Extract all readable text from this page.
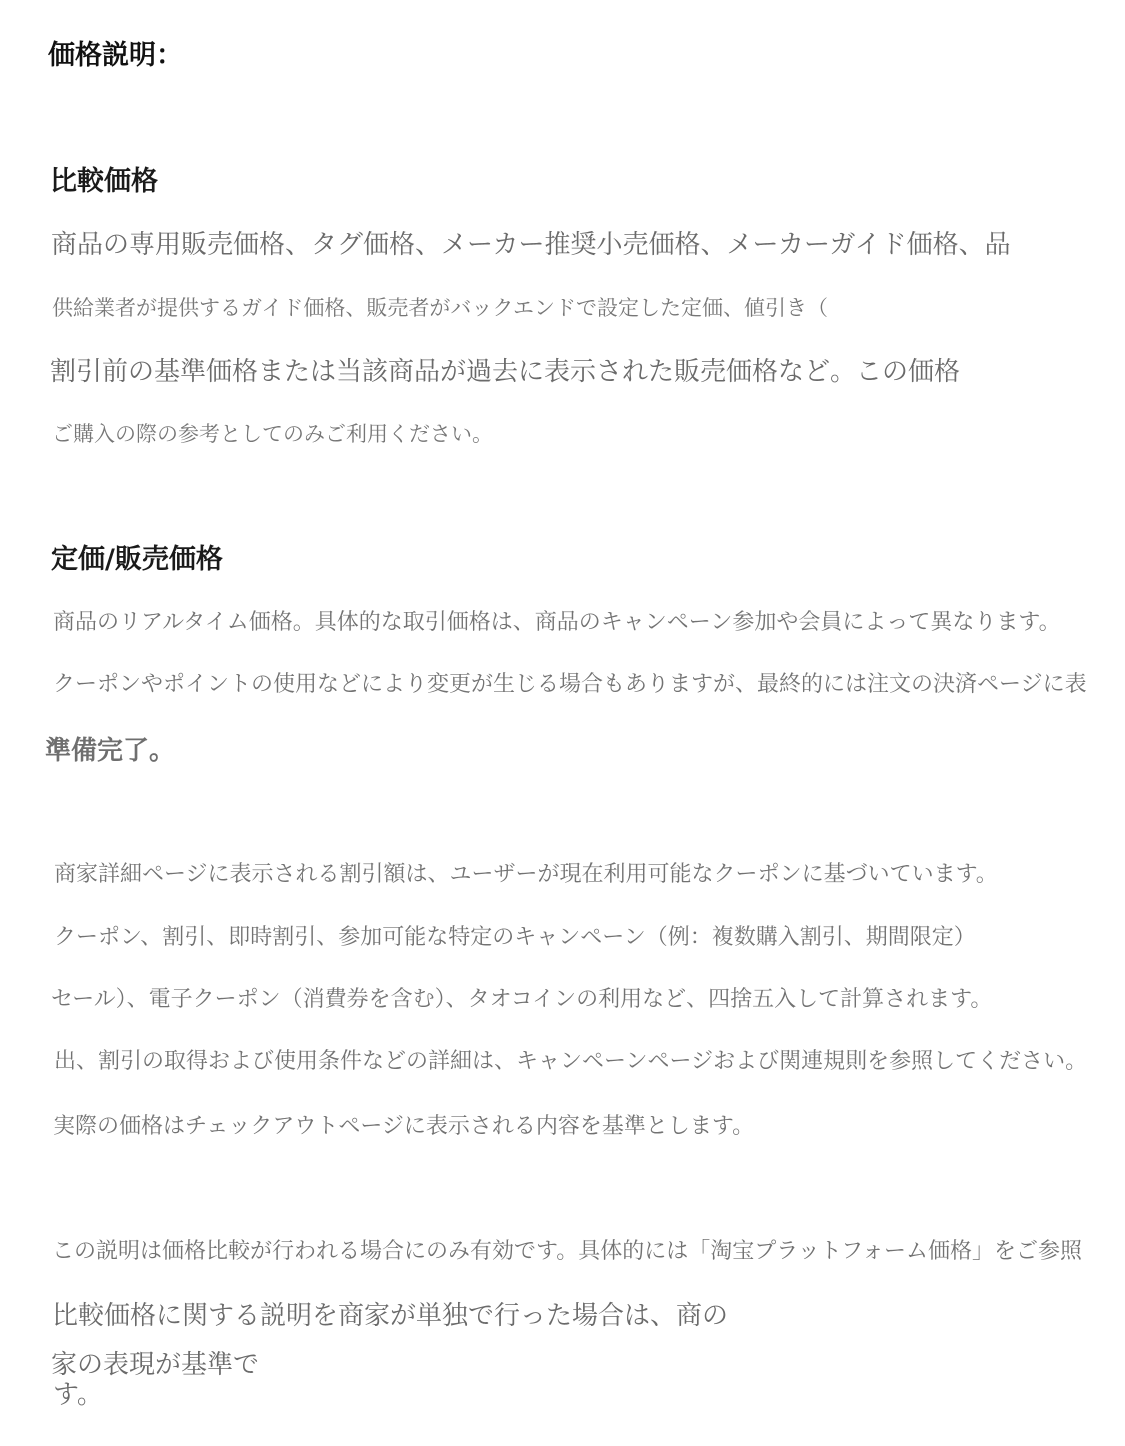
価格説明：
比較価格

商品の専用販売価格、タグ価格、メーカー推奨小売価格、メーカーガイド価格、品

供給業者が提供するガイド価格、販売者がバックエンドで設定した定価、値引き（

割引前の基準価格または当該商品が過去に表示された販売価格など。この価格

ご購入の際の参考としてのみご利用ください。

定価/販売価格

商品のリアルタイム価格。具体的な取引価格は、商品のキャンペーン参加や会員によって異なります。

クーポンやポイントの使用などにより変更が生じる場合もありますが、最終的には注文の決済ページに表

準備完了。

商家詳細ページに表示される割引額は、ユーザーが現在利用可能なクーポンに基づいています。

クーポン、割引、即時割引、参加可能な特定のキャンペーン（例：複数購入割引、期間限定）

セール）、電子クーポン（消費券を含む）、タオコインの利用など、四捨五入して計算されます。

出、割引の取得および使用条件などの詳細は、キャンペーンページおよび関連規則を参照してください。

実際の価格はチェックアウトページに表示される内容を基準とします。

この説明は価格比較が行われる場合にのみ有効です。具体的には「淘宝プラットフォーム価格」をご参照

比較価格に関する説明を商家が単独で行った場合は、商の

家の表現が基準で

す。
